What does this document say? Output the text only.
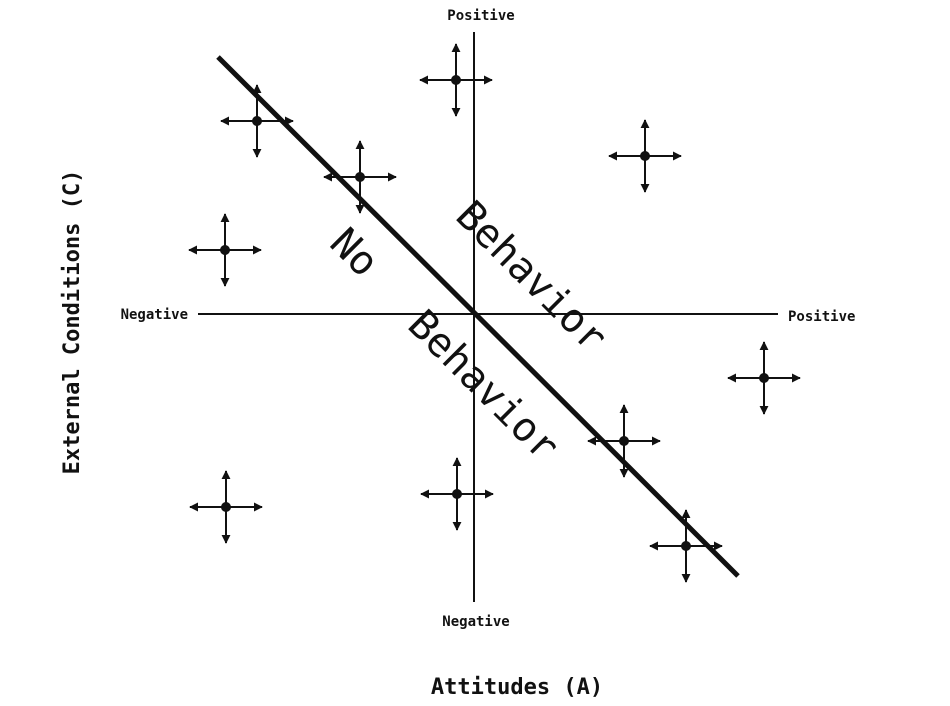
Positive
Negative
Negative	Positive
Attitudes (A)
External Conditions (C)	Behavior
No
Behavior
